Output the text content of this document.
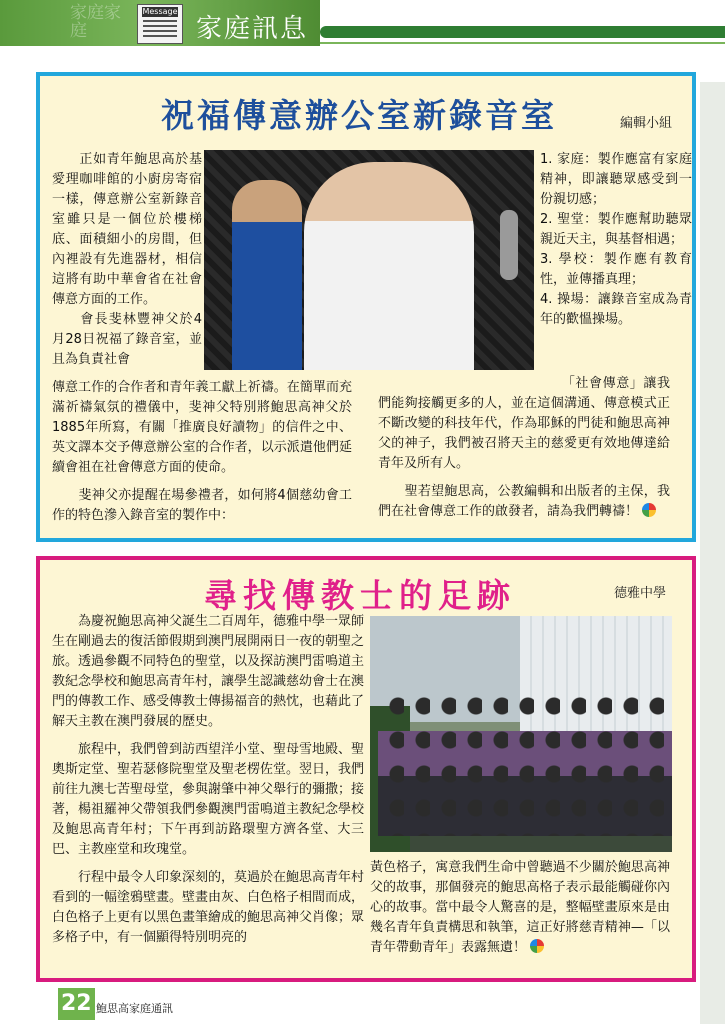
家庭家庭
Message
家庭訊息
祝福傳意辦公室新錄音室	編輯小組

　　正如青年鮑思高於基愛理咖啡館的小廚房寄宿一樣，傳意辦公室新錄音室雖只是一個位於樓梯底、面積細小的房間，但內裡設有先進器材，相信這將有助中華會省在社會傳意方面的工作。

　　會長斐林豐神父於4月28日祝福了錄音室，並且為負責社會

1. 家庭：製作應富有家庭精神，即讓聽眾感受到一份親切感；

2. 聖堂：製作應幫助聽眾親近天主，與基督相遇；

3. 學校：製作應有教育性，並傳播真理；

4. 操場：讓錄音室成為青年的歡慍操場。

傳意工作的合作者和青年義工獻上祈禱。在簡單而充滿祈禱氣氛的禮儀中，斐神父特別將鮑思高神父於1885年所寫，有關「推廣良好讀物」的信件之中、英文譯本交予傳意辦公室的合作者，以示派遣他們延續會祖在社會傳意方面的使命。

　　斐神父亦提醒在場參禮者，如何將4個慈幼會工作的特色滲入錄音室的製作中：

　　　　　　　　　　　　　　「社會傳意」讓我們能夠接觸更多的人，並在這個溝通、傳意模式正不斷改變的科技年代，作為耶穌的門徒和鮑思高神父的神子，我們被召將天主的慈愛更有效地傳達給青年及所有人。

　　聖若望鮑思高，公教編輯和出版者的主保，我們在社會傳意工作的啟發者，請為我們轉禱！

尋找傳教士的足跡	德雅中學

　　為慶祝鮑思高神父誕生二百周年，德雅中學一眾師生在剛過去的復活節假期到澳門展開兩日一夜的朝聖之旅。透過參觀不同特色的聖堂，以及探訪澳門雷鳴道主教紀念學校和鮑思高青年村，讓學生認識慈幼會士在澳門的傳教工作、感受傳教士傳揚福音的熱忱，也藉此了解天主教在澳門發展的歷史。

　　旅程中，我們曾到訪西望洋小堂、聖母雪地殿、聖奧斯定堂、聖若瑟修院聖堂及聖老楞佐堂。翌日，我們前往九澳七苦聖母堂，參與謝肇中神父舉行的彌撒；接著，楊祖羅神父帶領我們參觀澳門雷鳴道主教紀念學校及鮑思高青年村；下午再到訪路環聖方濟各堂、大三巴、主教座堂和玫瑰堂。

　　行程中最令人印象深刻的，莫過於在鮑思高青年村看到的一幅塗鴉壁畫。壁畫由灰、白色格子相間而成，白色格子上更有以黑色畫筆繪成的鮑思高神父肖像；眾多格子中，有一個顯得特別明亮的

黃色格子，寓意我們生命中曾聽過不少關於鮑思高神父的故事，那個發亮的鮑思高格子表示最能觸碰你內心的故事。當中最令人驚喜的是，整幅壁畫原來是由幾名青年負責構思和執筆，這正好將慈青精神—「以青年帶動青年」表露無遺！

22 鮑思高家庭通訊
